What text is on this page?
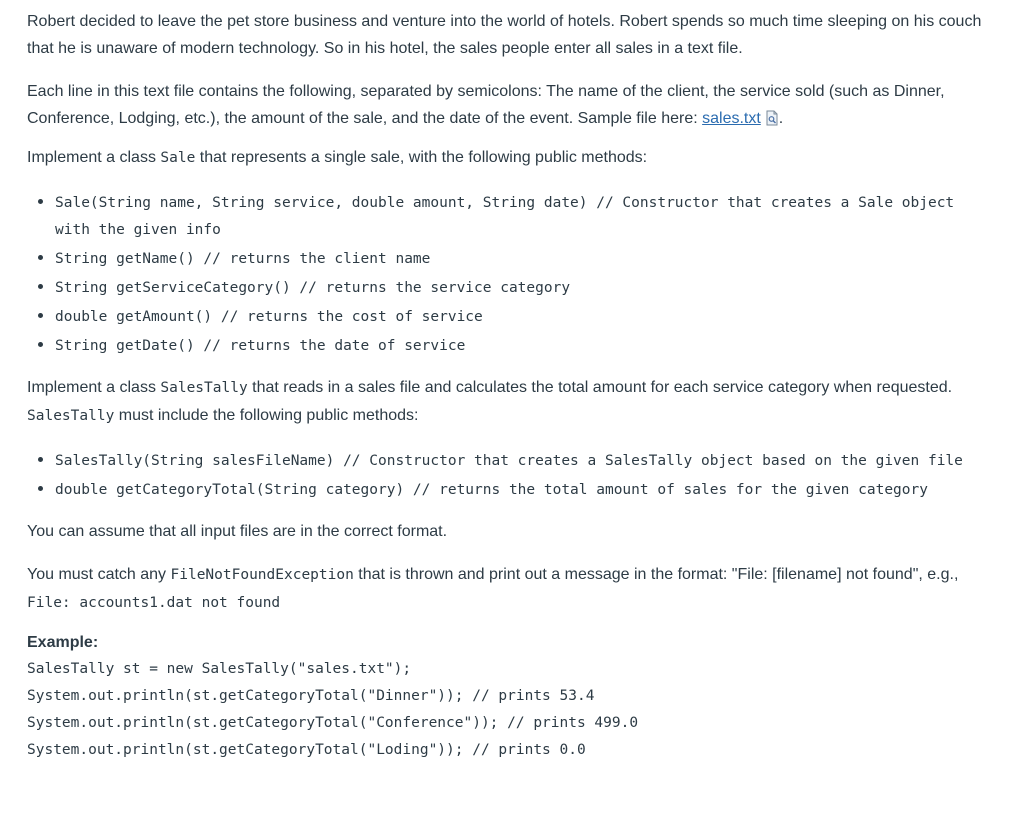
Robert decided to leave the pet store business and venture into the world of hotels. Robert spends so much time sleeping on his couch that he is unaware of modern technology. So in his hotel, the sales people enter all sales in a text file.

Each line in this text file contains the following, separated by semicolons: The name of the client, the service sold (such as Dinner, Conference, Lodging, etc.), the amount of the sale, and the date of the event. Sample file here: sales.txt .

Implement a class Sale that represents a single sale, with the following public methods:

• Sale(String name, String service, double amount, String date) // Constructor that creates a Sale object with the given info
• String getName() // returns the client name
• String getServiceCategory() // returns the service category
• double getAmount() // returns the cost of service
• String getDate() // returns the date of service

Implement a class SalesTally that reads in a sales file and calculates the total amount for each service category when requested. SalesTally must include the following public methods:

• SalesTally(String salesFileName) // Constructor that creates a SalesTally object based on the given file
• double getCategoryTotal(String category) // returns the total amount of sales for the given category

You can assume that all input files are in the correct format.

You must catch any FileNotFoundException that is thrown and print out a message in the format: "File: [filename] not found", e.g., File: accounts1.dat not found

Example:
SalesTally st = new SalesTally("sales.txt");
System.out.println(st.getCategoryTotal("Dinner")); // prints 53.4
System.out.println(st.getCategoryTotal("Conference")); // prints 499.0
System.out.println(st.getCategoryTotal("Loding")); // prints 0.0
